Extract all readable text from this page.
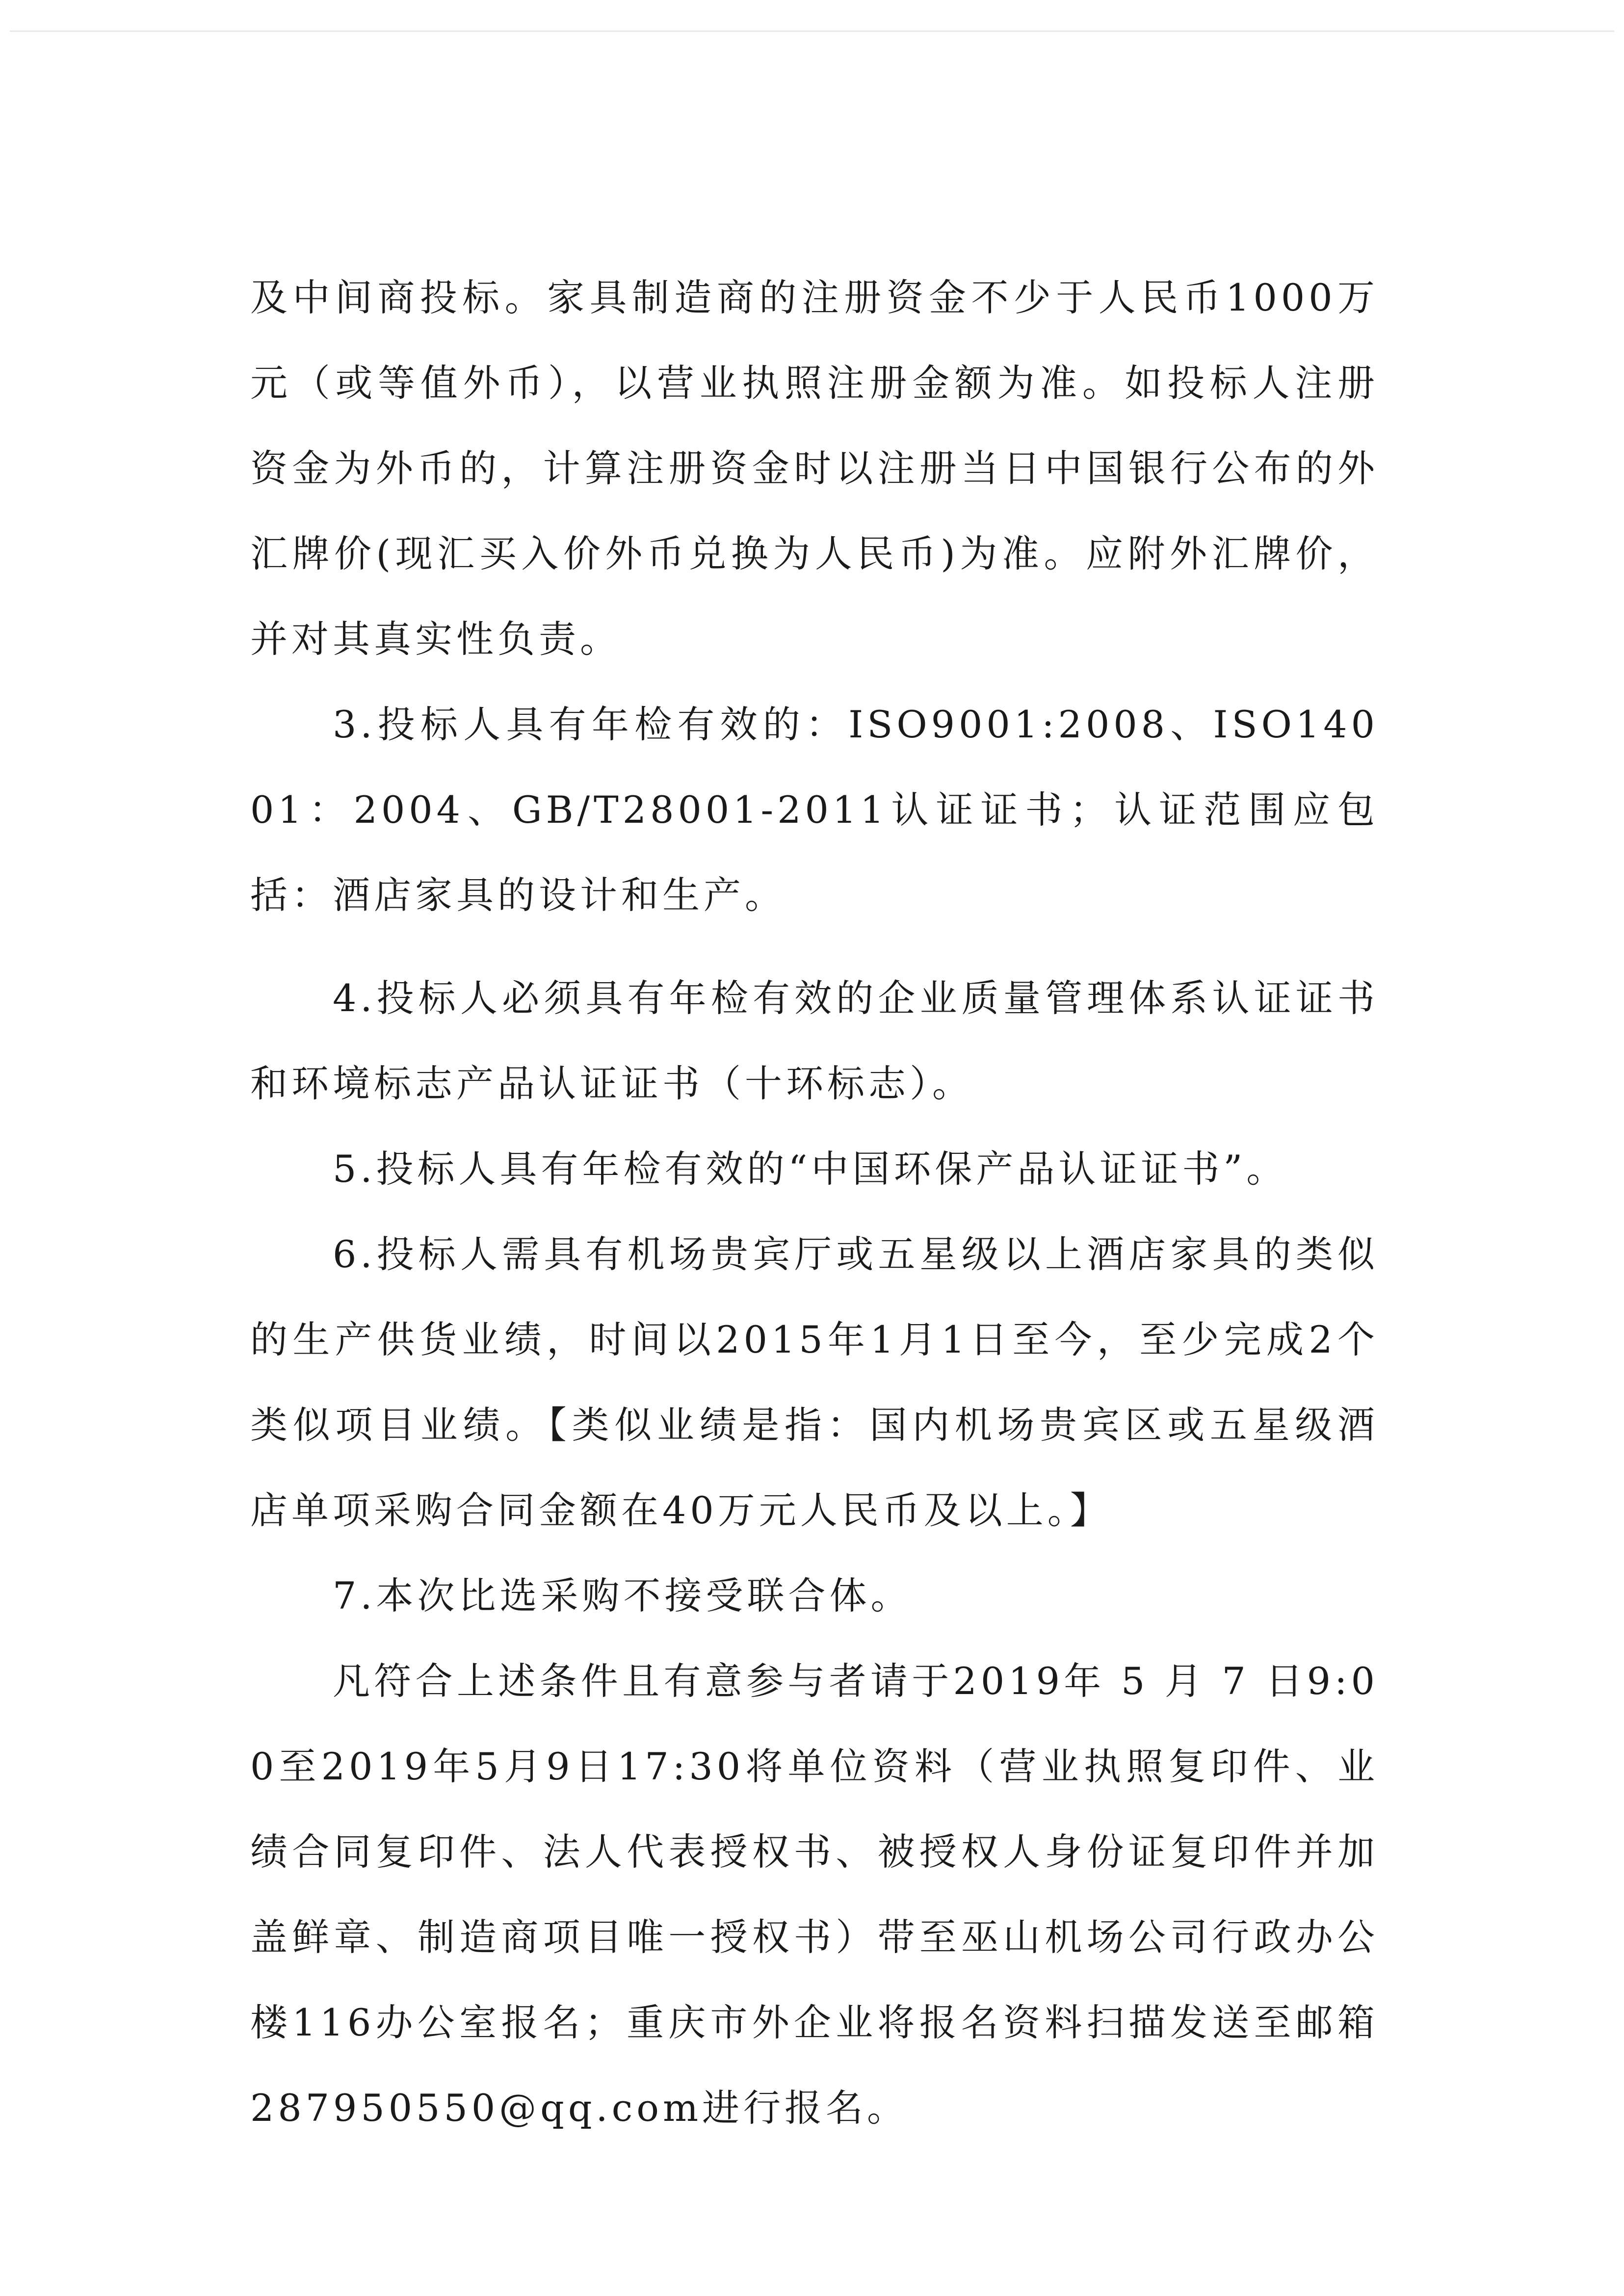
及中间商投标。家具制造商的注册资金不少于人民币1000万元（或等值外币），以营业执照注册金额为准。如投标人注册资金为外币的，计算注册资金时以注册当日中国银行公布的外汇牌价(现汇买入价外币兑换为人民币)为准。应附外汇牌价，并对其真实性负责。

3.投标人具有年检有效的：ISO9001:2008、ISO14001：2004、GB/T28001-2011认证证书；认证范围应包括：酒店家具的设计和生产。

4.投标人必须具有年检有效的企业质量管理体系认证证书和环境标志产品认证证书（十环标志）。

5.投标人具有年检有效的“中国环保产品认证证书”。

6.投标人需具有机场贵宾厅或五星级以上酒店家具的类似的生产供货业绩，时间以2015年1月1日至今，至少完成2个类似项目业绩。【类似业绩是指：国内机场贵宾区或五星级酒店单项采购合同金额在40万元人民币及以上。】

7.本次比选采购不接受联合体。

凡符合上述条件且有意参与者请于2019年 5 月 7 日9:00至2019年5月9日17:30将单位资料（营业执照复印件、业绩合同复印件、法人代表授权书、被授权人身份证复印件并加盖鲜章、制造商项目唯一授权书）带至巫山机场公司行政办公楼116办公室报名；重庆市外企业将报名资料扫描发送至邮箱287950550@qq.com进行报名。
